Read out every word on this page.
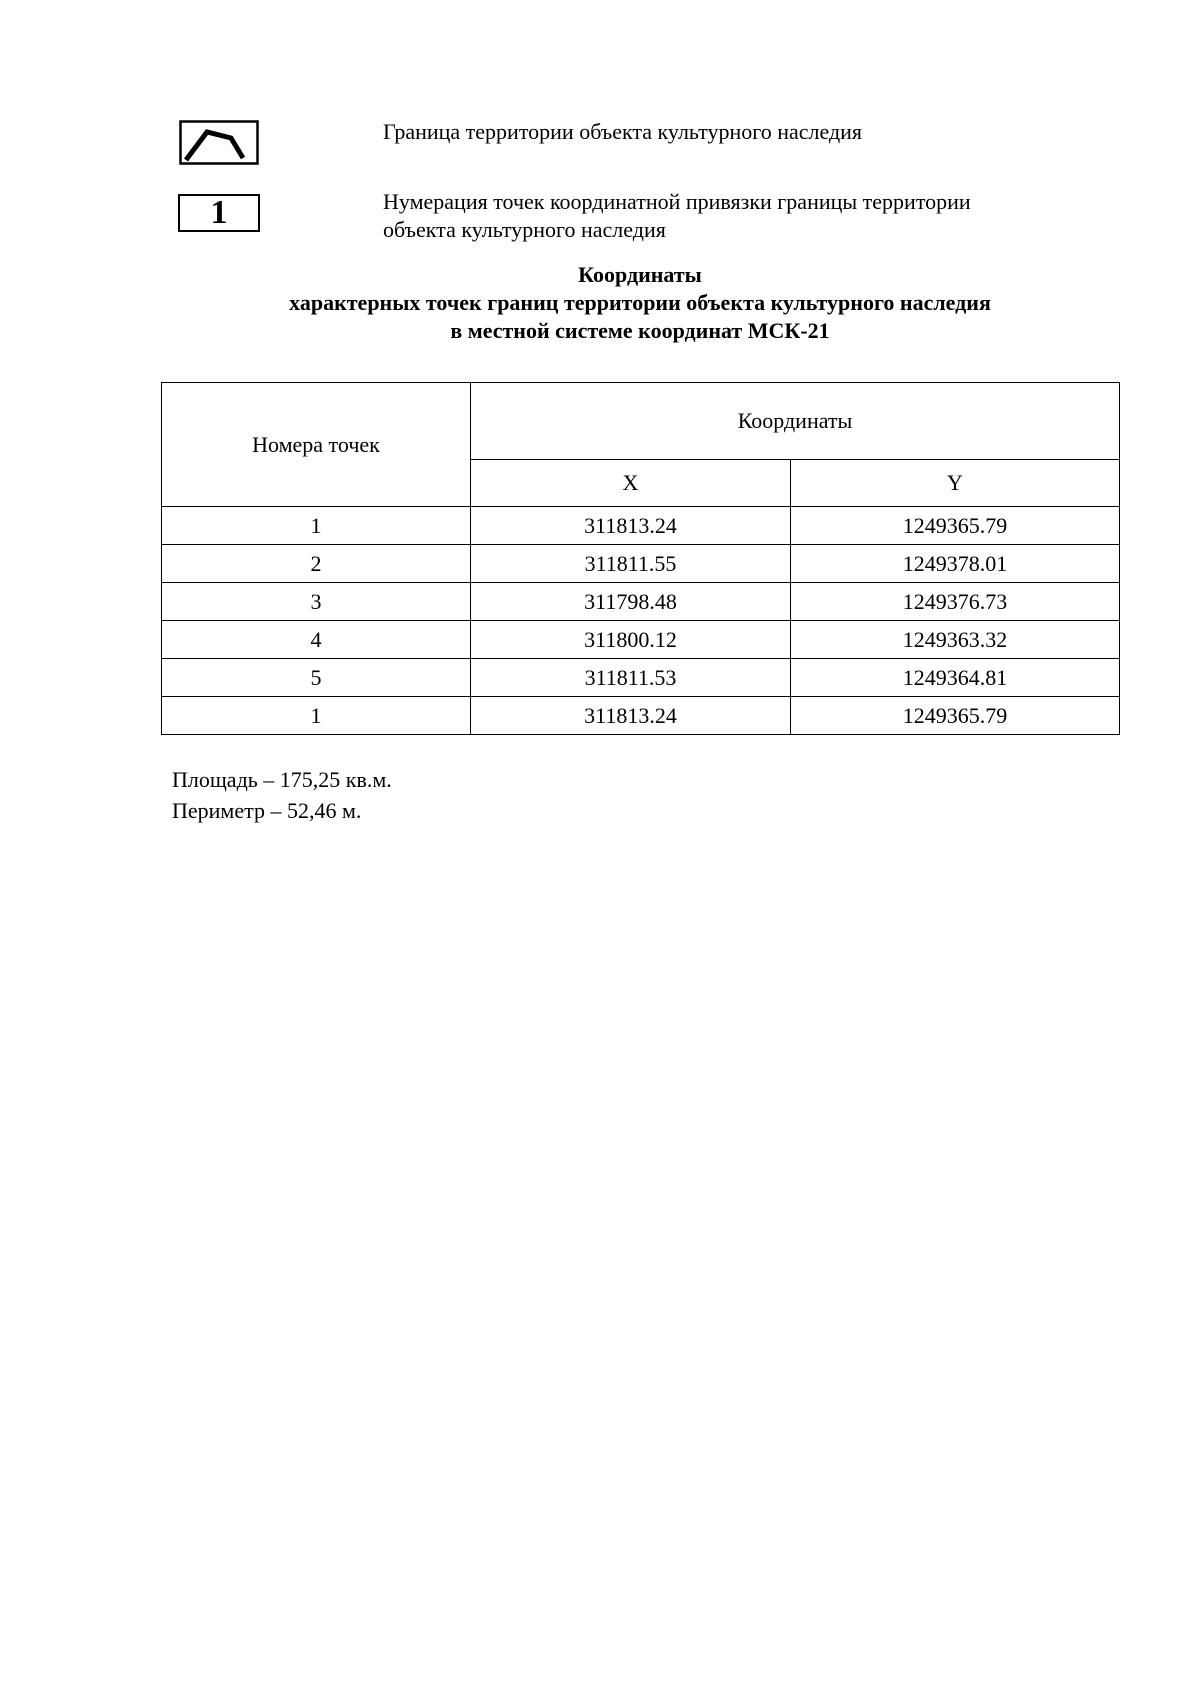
Граница территории объекта культурного наследия
1	Нумерация точек координатной привязки границы территории
объекта культурного наследия
Координаты
характерных точек границ территории объекта культурного наследия
в местной системе координат МСК-21
Номера точек	Координаты	
	X	Y
1	311813.24	1249365.79
2	311811.55	1249378.01
3	311798.48	1249376.73
4	311800.12	1249363.32
5	311811.53	1249364.81
1	311813.24	1249365.79
Площадь – 175,25 кв.м.
Периметр – 52,46 м.
